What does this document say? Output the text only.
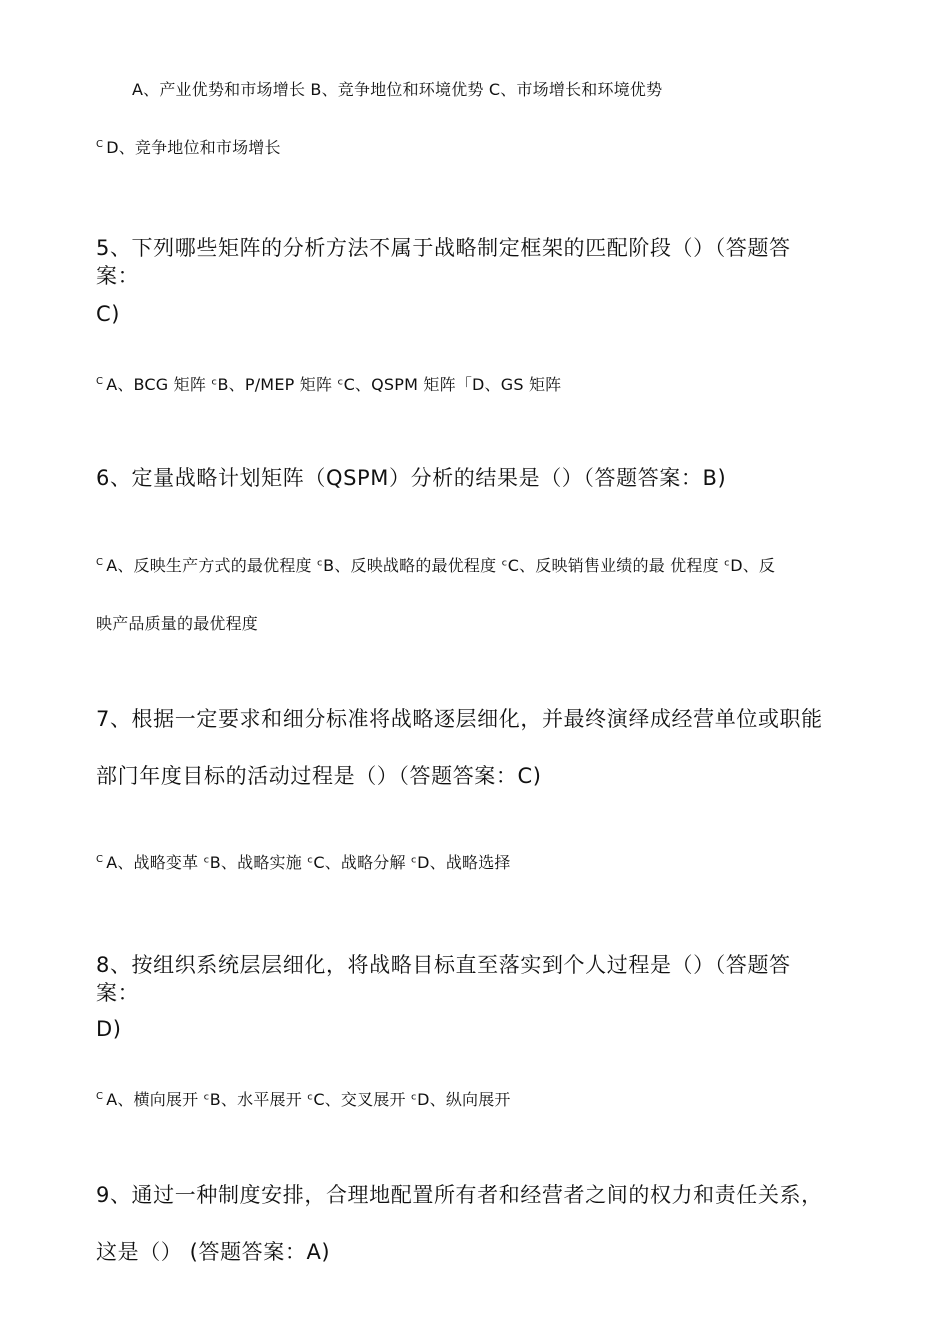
A、产业优势和市场增长 B、竞争地位和环境优势 C、市场增长和环境优势
$^C$ D、竞争地位和市场增长
5、下列哪些矩阵的分析方法不属于战略制定框架的匹配阶段（）（答题答
案：
C)
$^C$ A、BCG 矩阵 ᶜB、P/MEP 矩阵 ᶜC、QSPM 矩阵「D、GS 矩阵
6、定量战略计划矩阵（QSPM）分析的结果是（）（答题答案：B)
$^C$ A、反映生产方式的最优程度 ᶜB、反映战略的最优程度 ᶜC、反映销售业绩的最 优程度 ᶜD、反
映产品质量的最优程度
7、根据一定要求和细分标准将战略逐层细化，并最终演绎成经营单位或职能
部门年度目标的活动过程是（）（答题答案：C)
$^C$ A、战略变革 ᶜB、战略实施 ᶜC、战略分解 ᶜD、战略选择
8、按组织系统层层细化，将战略目标直至落实到个人过程是（）（答题答
案：
D)
$^C$ A、横向展开 ᶜB、水平展开 ᶜC、交叉展开 ᶜD、纵向展开
9、通过一种制度安排，合理地配置所有者和经营者之间的权力和责任关系，
这是（） (答题答案：A)
